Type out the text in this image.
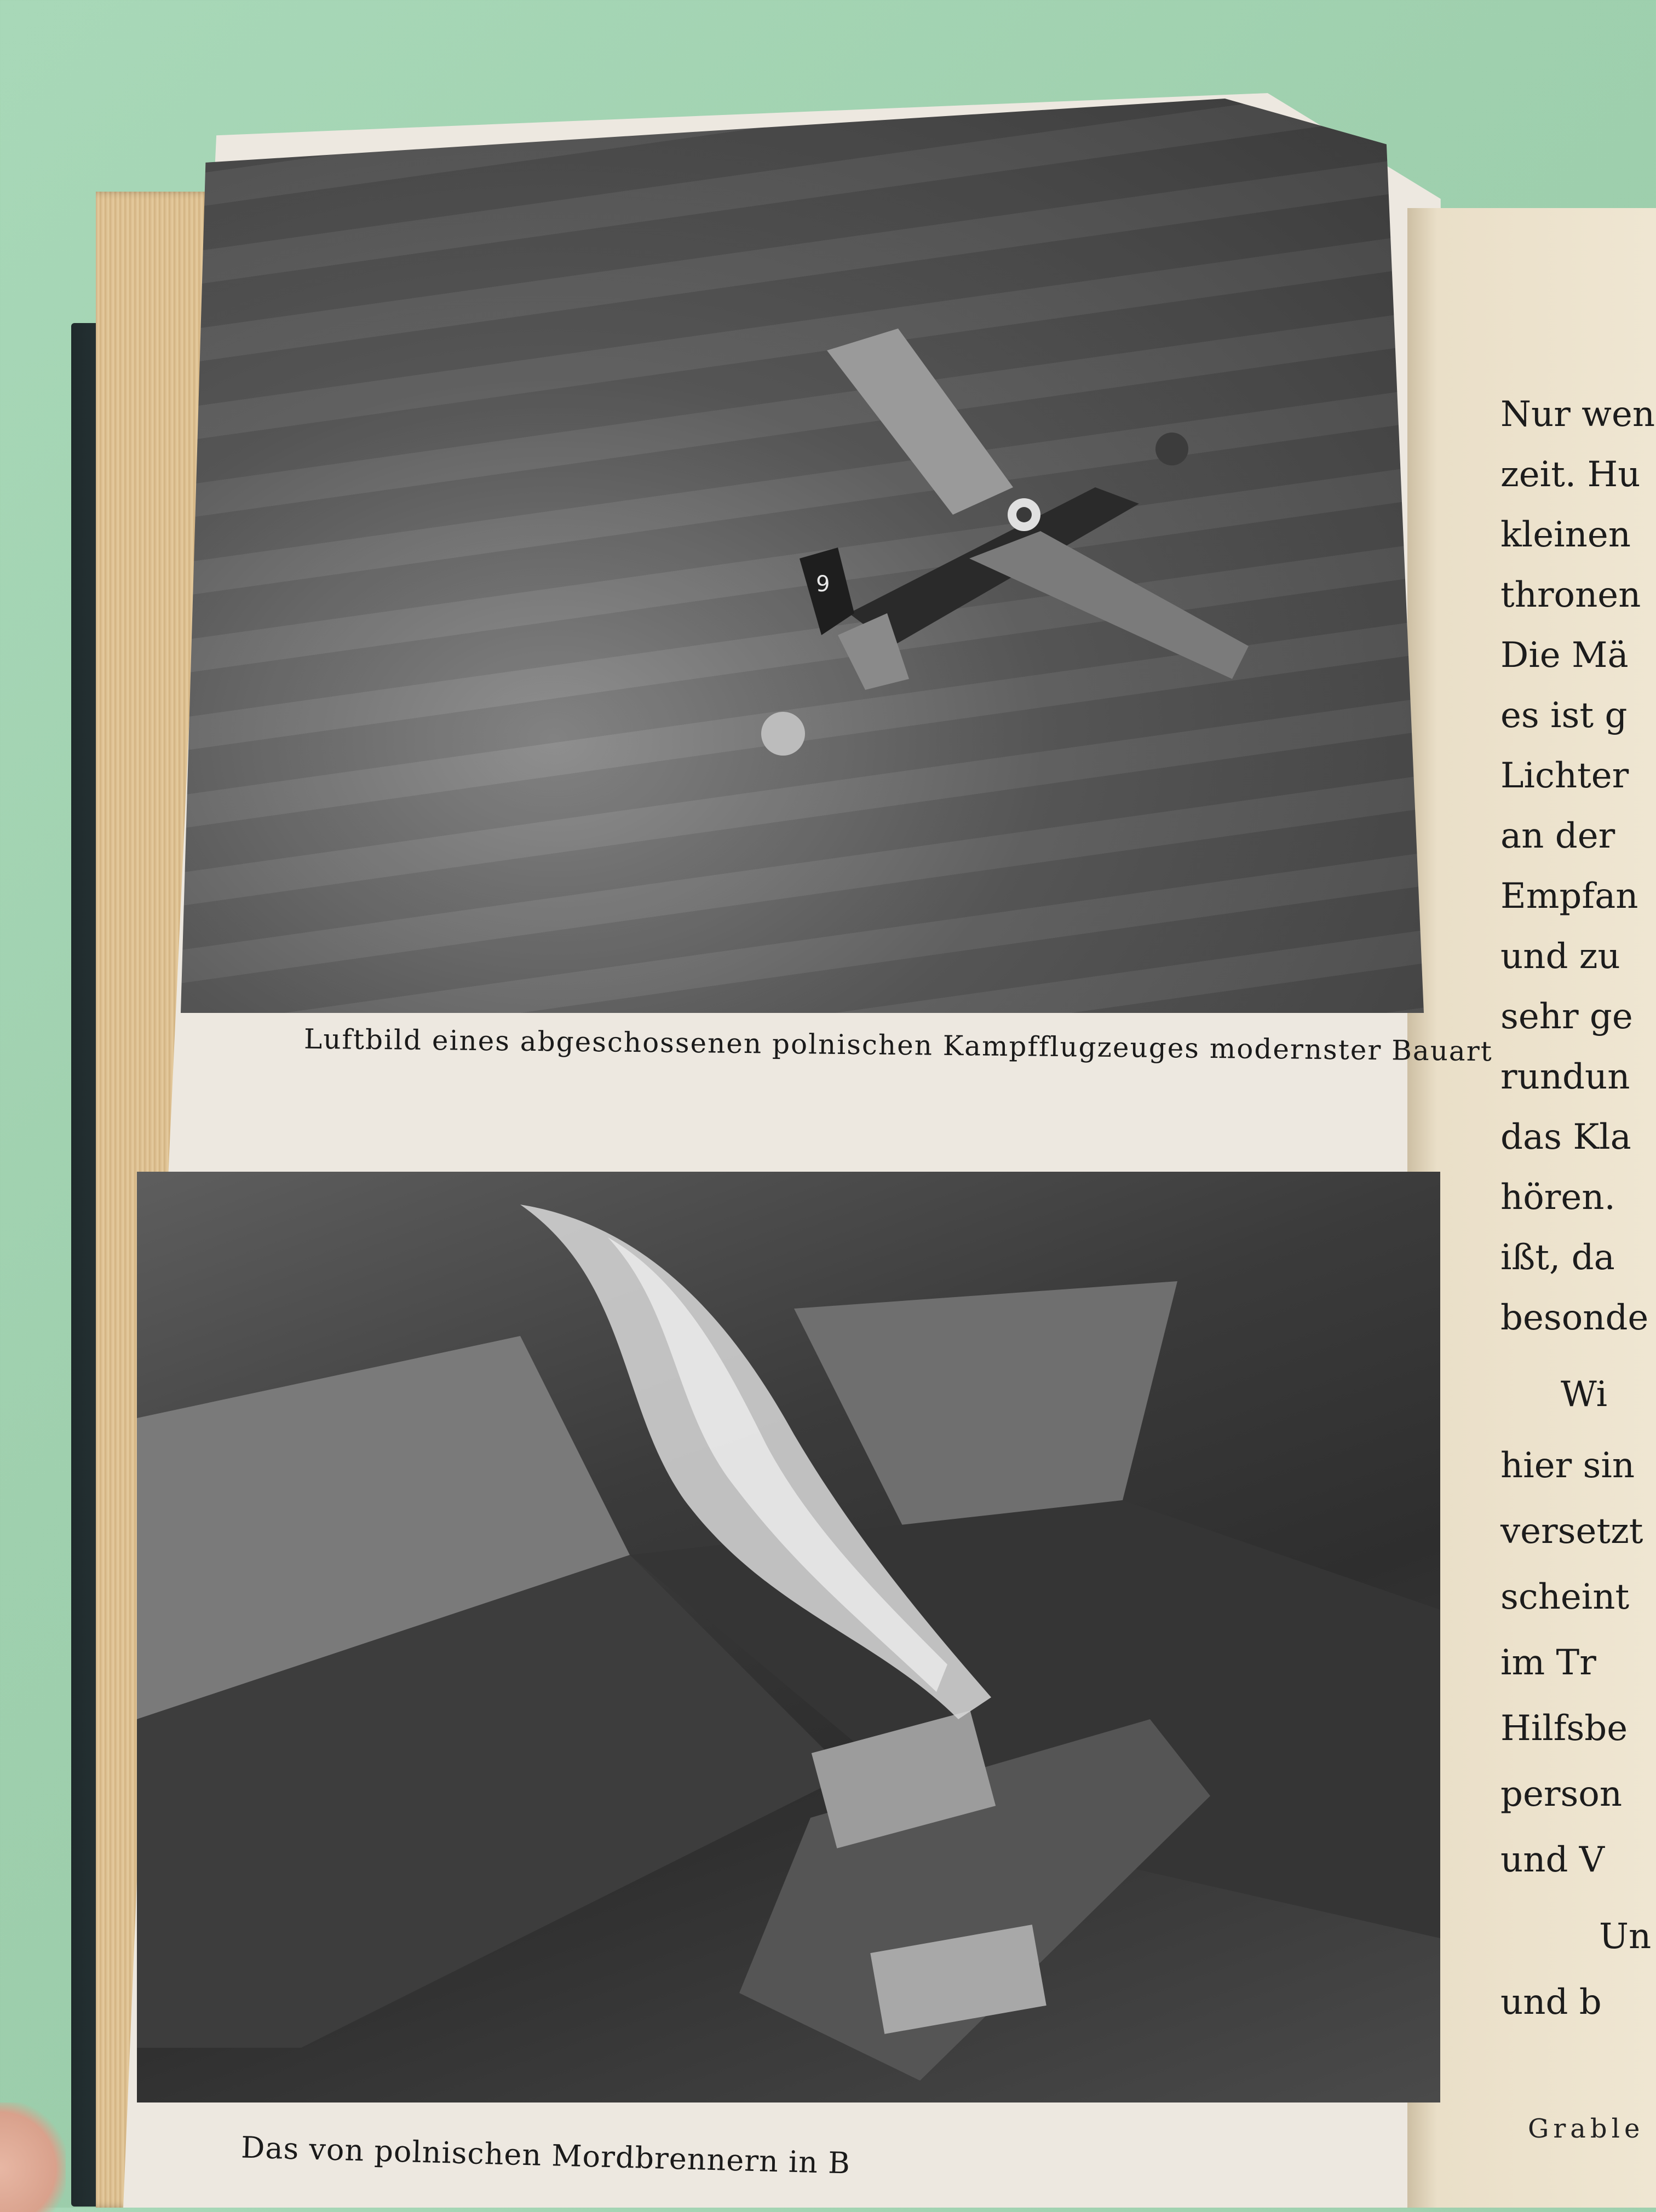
9
Luftbild eines abgeschossenen polnischen Kampfflugzeuges modernster Bauart
Das von polnischen Mordbrennern in B
Nur wen
zeit. Hu
kleinen
thronen
Die Mä
es ist g
Lichter
an der
Empfan
und zu
sehr ge
rundun
das Kla
hören.
ißt, da
besonde
Wi
hier sin
versetzt
scheint
im Tr
Hilfsbe
person
und V
Un
und b
Grable
